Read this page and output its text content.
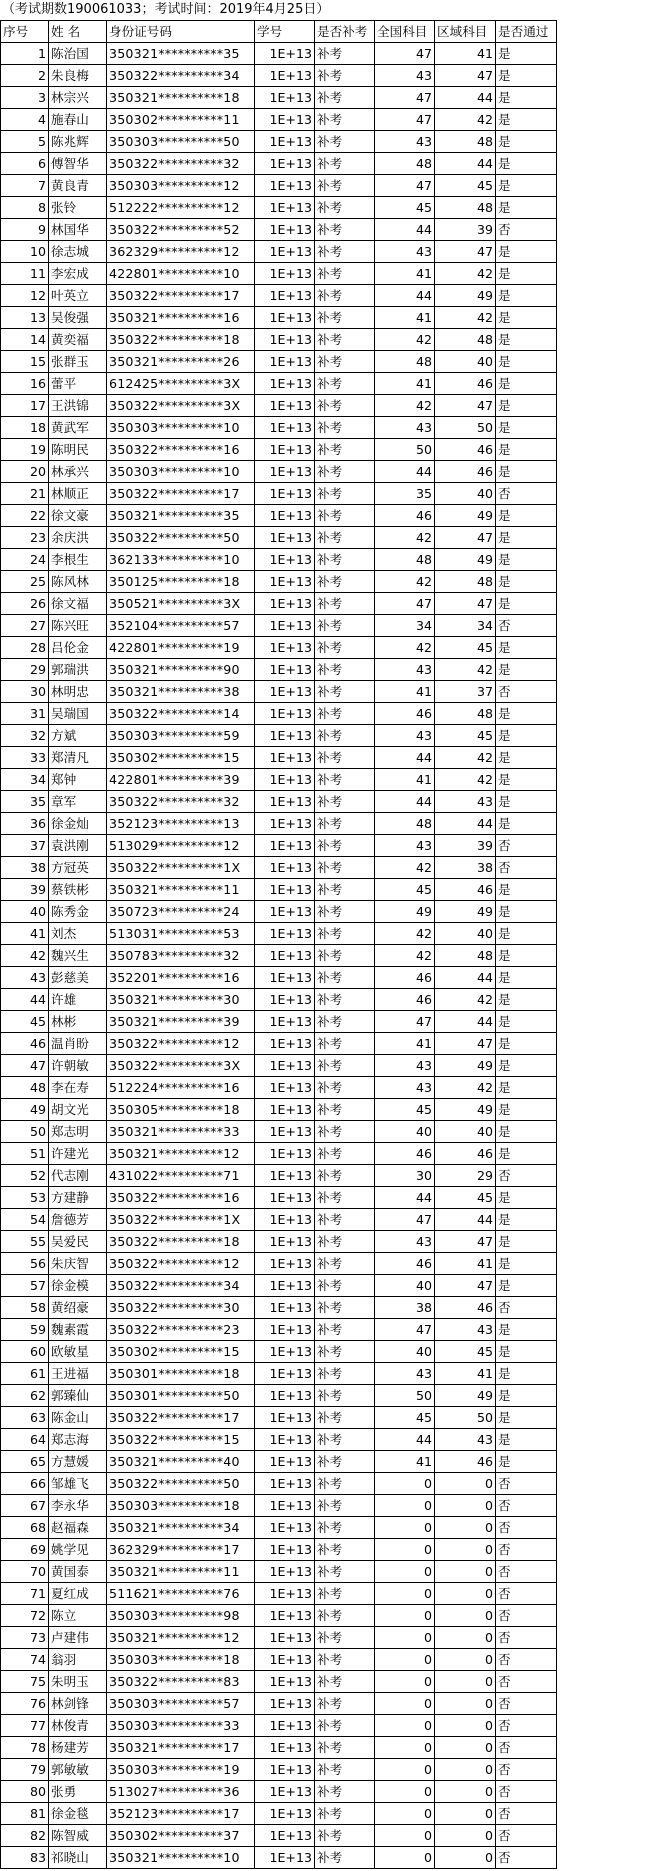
（考试期数190061033；考试时间：2019年4月25日）
序号	姓 名	身份证号码	学号	是否补考	全国科目	区域科目	是否通过
1	陈治国	350321**********35	1E+13	补考	47	41	是
2	朱良梅	350322**********34	1E+13	补考	43	47	是
3	林宗兴	350321**********18	1E+13	补考	47	44	是
4	施春山	350302**********11	1E+13	补考	47	42	是
5	陈兆辉	350303**********50	1E+13	补考	43	48	是
6	傅智华	350322**********32	1E+13	补考	48	44	是
7	黄良青	350303**********12	1E+13	补考	47	45	是
8	张铃	512222**********12	1E+13	补考	45	48	是
9	林国华	350322**********52	1E+13	补考	44	39	否
10	徐志城	362329**********12	1E+13	补考	43	47	是
11	李宏成	422801**********10	1E+13	补考	41	42	是
12	叶英立	350322**********17	1E+13	补考	44	49	是
13	吴俊强	350321**********16	1E+13	补考	41	42	是
14	黄奕福	350322**********18	1E+13	补考	42	48	是
15	张群玉	350321**********26	1E+13	补考	48	40	是
16	蕾平	612425**********3X	1E+13	补考	41	46	是
17	王洪锦	350322**********3X	1E+13	补考	42	47	是
18	黄武军	350303**********10	1E+13	补考	43	50	是
19	陈明民	350322**********16	1E+13	补考	50	46	是
20	林承兴	350303**********10	1E+13	补考	44	46	是
21	林顺正	350322**********17	1E+13	补考	35	40	否
22	徐文豪	350321**********35	1E+13	补考	46	49	是
23	余庆洪	350322**********50	1E+13	补考	42	47	是
24	李根生	362133**********10	1E+13	补考	48	49	是
25	陈风林	350125**********18	1E+13	补考	42	48	是
26	徐文福	350521**********3X	1E+13	补考	47	47	是
27	陈兴旺	352104**********57	1E+13	补考	34	34	否
28	吕伦金	422801**********19	1E+13	补考	42	45	是
29	郭瑞洪	350321**********90	1E+13	补考	43	42	是
30	林明忠	350321**********38	1E+13	补考	41	37	否
31	吴瑞国	350322**********14	1E+13	补考	46	48	是
32	方斌	350303**********59	1E+13	补考	43	45	是
33	郑清凡	350302**********15	1E+13	补考	44	42	是
34	郑钟	422801**********39	1E+13	补考	41	42	是
35	章军	350322**********32	1E+13	补考	44	43	是
36	徐金灿	352123**********13	1E+13	补考	48	44	是
37	袁洪刚	513029**********12	1E+13	补考	43	39	否
38	方冠英	350322**********1X	1E+13	补考	42	38	否
39	蔡铁彬	350321**********11	1E+13	补考	45	46	是
40	陈秀金	350723**********24	1E+13	补考	49	49	是
41	刘杰	513031**********53	1E+13	补考	42	40	是
42	魏兴生	350783**********32	1E+13	补考	42	48	是
43	彭慈美	352201**********16	1E+13	补考	46	44	是
44	许雄	350321**********30	1E+13	补考	46	42	是
45	林彬	350321**********39	1E+13	补考	47	44	是
46	温肖盼	350322**********12	1E+13	补考	41	47	是
47	许朝敏	350322**********3X	1E+13	补考	43	49	是
48	李在寿	512224**********16	1E+13	补考	43	42	是
49	胡文光	350305**********18	1E+13	补考	45	49	是
50	郑志明	350321**********33	1E+13	补考	40	40	是
51	许建光	350321**********12	1E+13	补考	46	46	是
52	代志刚	431022**********71	1E+13	补考	30	29	否
53	方建静	350322**********16	1E+13	补考	44	45	是
54	詹德芳	350322**********1X	1E+13	补考	47	44	是
55	吴爱民	350322**********18	1E+13	补考	43	47	是
56	朱庆智	350322**********12	1E+13	补考	46	41	是
57	徐金模	350322**********34	1E+13	补考	40	47	是
58	黄绍豪	350322**********30	1E+13	补考	38	46	否
59	魏素霞	350322**********23	1E+13	补考	47	43	是
60	欧敏星	350302**********15	1E+13	补考	40	45	是
61	王进福	350301**********18	1E+13	补考	43	41	是
62	郭臻仙	350301**********50	1E+13	补考	50	49	是
63	陈金山	350322**********17	1E+13	补考	45	50	是
64	郑志海	350322**********15	1E+13	补考	44	43	是
65	方慧媛	350321**********40	1E+13	补考	41	46	是
66	邹雄飞	350322**********50	1E+13	补考	0	0	否
67	李永华	350303**********18	1E+13	补考	0	0	否
68	赵福森	350321**********34	1E+13	补考	0	0	否
69	姚学见	362329**********17	1E+13	补考	0	0	否
70	黄国泰	350321**********11	1E+13	补考	0	0	否
71	夏红成	511621**********76	1E+13	补考	0	0	否
72	陈立	350303**********98	1E+13	补考	0	0	否
73	卢建伟	350321**********12	1E+13	补考	0	0	否
74	翁羽	350303**********18	1E+13	补考	0	0	否
75	朱明玉	350322**********83	1E+13	补考	0	0	否
76	林剑锋	350303**********57	1E+13	补考	0	0	否
77	林俊青	350303**********33	1E+13	补考	0	0	否
78	杨建芳	350321**********17	1E+13	补考	0	0	否
79	郭敏敏	350303**********19	1E+13	补考	0	0	否
80	张勇	513027**********36	1E+13	补考	0	0	否
81	徐金毯	352123**********17	1E+13	补考	0	0	否
82	陈智威	350302**********37	1E+13	补考	0	0	否
83	祁晓山	350321**********10	1E+13	补考	0	0	否
